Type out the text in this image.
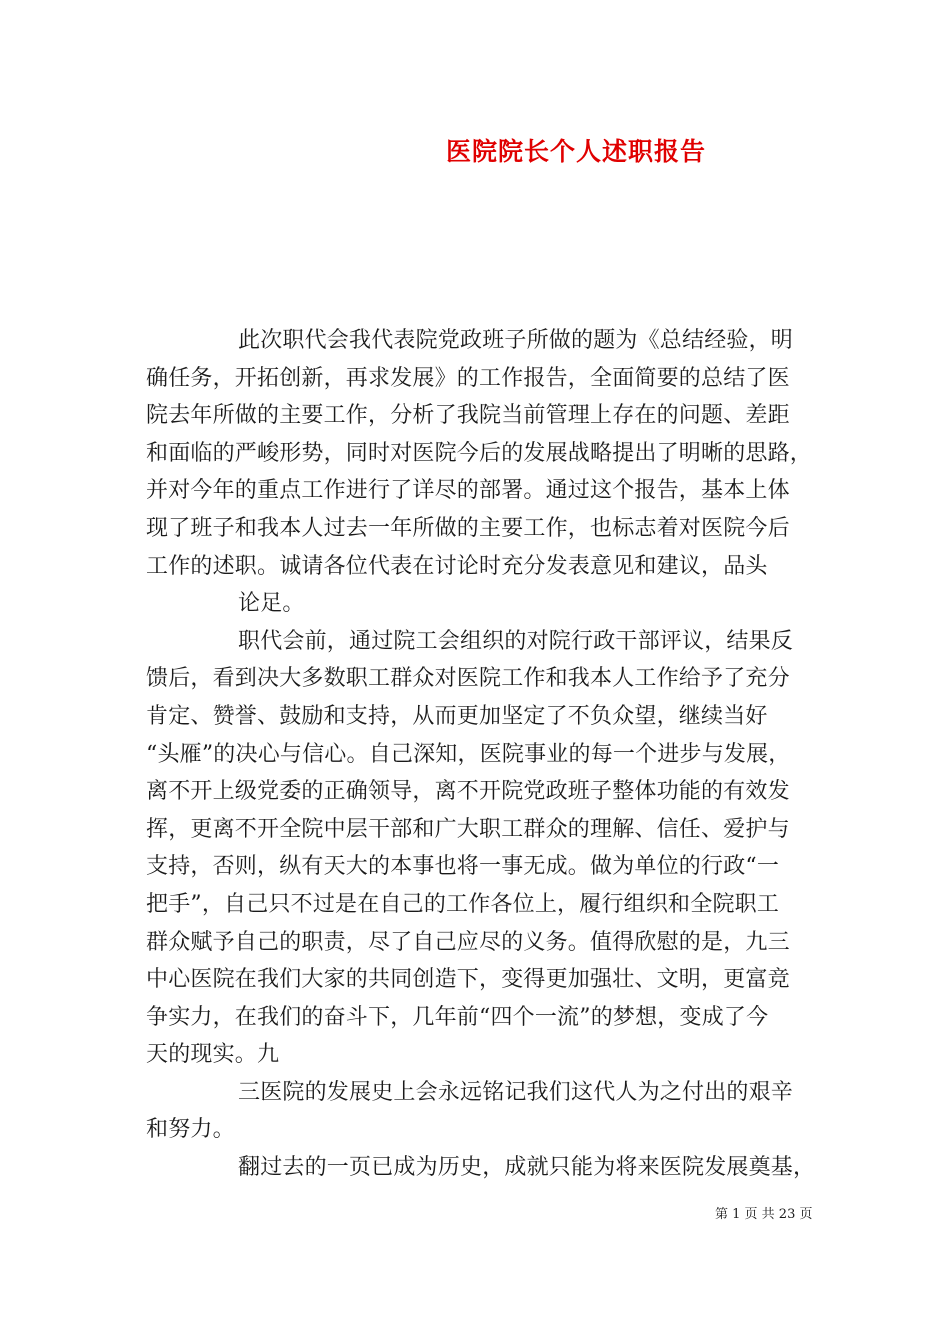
医院院长个人述职报告
此次职代会我代表院党政班子所做的题为《总结经验，明
确任务，开拓创新，再求发展》的工作报告，全面简要的总结了医
院去年所做的主要工作，分析了我院当前管理上存在的问题、差距
和面临的严峻形势，同时对医院今后的发展战略提出了明晰的思路，
并对今年的重点工作进行了详尽的部署。通过这个报告，基本上体
现了班子和我本人过去一年所做的主要工作，也标志着对医院今后
工作的述职。诚请各位代表在讨论时充分发表意见和建议，品头
论足。
职代会前，通过院工会组织的对院行政干部评议，结果反
馈后，看到决大多数职工群众对医院工作和我本人工作给予了充分
肯定、赞誉、鼓励和支持，从而更加坚定了不负众望，继续当好
“头雁”的决心与信心。自己深知，医院事业的每一个进步与发展，
离不开上级党委的正确领导，离不开院党政班子整体功能的有效发
挥，更离不开全院中层干部和广大职工群众的理解、信任、爱护与
支持，否则，纵有天大的本事也将一事无成。做为单位的行政“一
把手”，自己只不过是在自己的工作各位上，履行组织和全院职工
群众赋予自己的职责，尽了自己应尽的义务。值得欣慰的是，九三
中心医院在我们大家的共同创造下，变得更加强壮、文明，更富竞
争实力，在我们的奋斗下，几年前“四个一流”的梦想，变成了今
天的现实。九
三医院的发展史上会永远铭记我们这代人为之付出的艰辛
和努力。
翻过去的一页已成为历史，成就只能为将来医院发展奠基，
第 1 页 共 23 页
